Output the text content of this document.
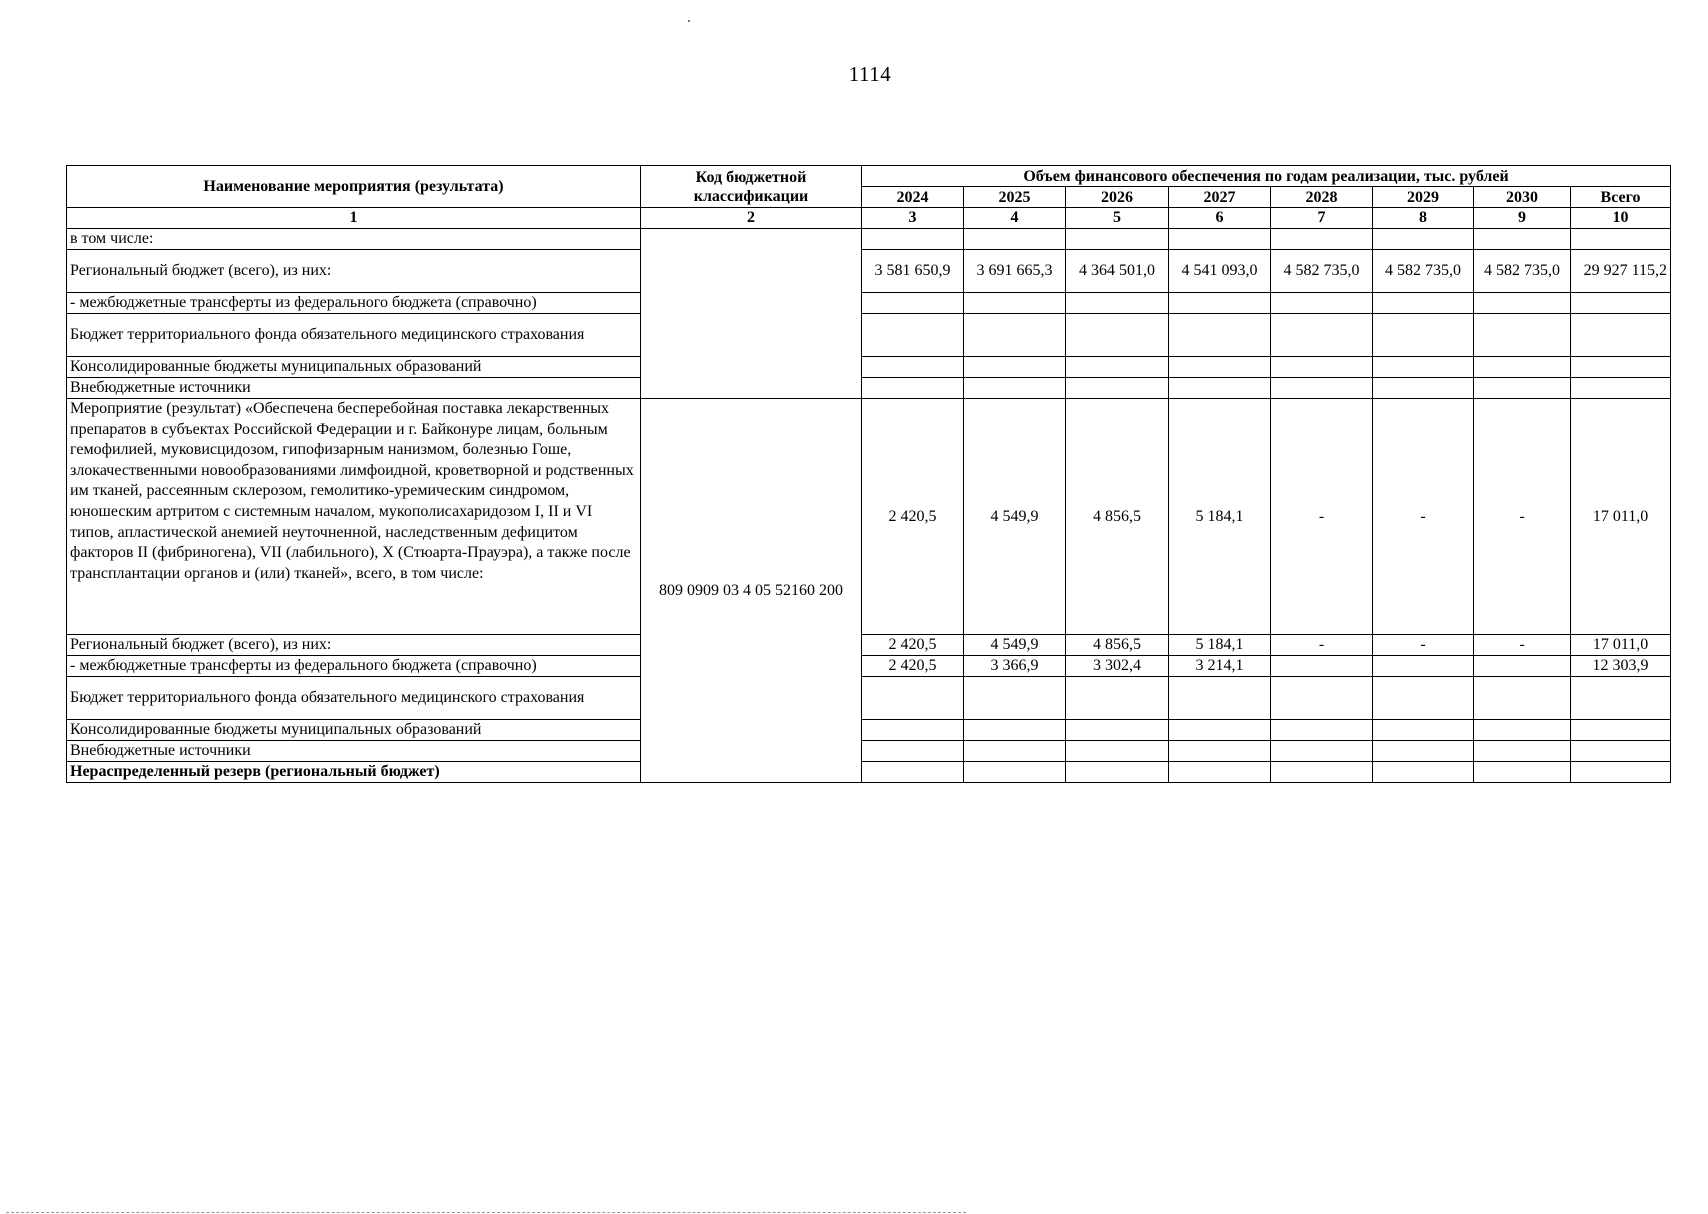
1114
Наименование мероприятия (результата)	Код бюджетной классификации	Объем финансового обеспечения по годам реализации, тыс. рублей								
		2024	2025	2026	2027	2028	2029	2030	Всего	
1	2	3	4	5	6	7	8	9	10	
в том числе:										
Региональный бюджет (всего), из них:		3 581 650,9	3 691 665,3	4 364 501,0	4 541 093,0	4 582 735,0	4 582 735,0	4 582 735,0	29 927 115,2	
- межбюджетные трансферты из федерального бюджета (справочно)										
Бюджет территориального фонда обязательного медицинского страхования										
Консолидированные бюджеты муниципальных образований										
Внебюджетные источники										
Мероприятие (результат) «Обеспечена бесперебойная поставка лекарственных препаратов в субъектах Российской Федерации и г. Байконуре лицам, больным гемофилией, муковисцидозом, гипофизарным нанизмом, болезнью Гоше, злокачественными новообразованиями лимфоидной, кроветворной и родственных им тканей, рассеянным склерозом, гемолитико-уремическим синдромом, юношеским артритом с системным началом, мукополисахаридозом I, II и VI типов, апластической анемией неуточненной, наследственным дефицитом факторов II (фибриногена), VII (лабильного), X (Стюарта-Прауэра), а также после трансплантации органов и (или) тканей», всего, в том числе:	809 0909 03 4 05 52160 200	2 420,5	4 549,9	4 856,5	5 184,1	-	-	-	17 011,0	
Региональный бюджет (всего), из них:		2 420,5	4 549,9	4 856,5	5 184,1	-	-	-	17 011,0	
- межбюджетные трансферты из федерального бюджета (справочно)		2 420,5	3 366,9	3 302,4	3 214,1				12 303,9	
Бюджет территориального фонда обязательного медицинского страхования										
Консолидированные бюджеты муниципальных образований										
Внебюджетные источники										
Нераспределенный резерв (региональный бюджет)										
